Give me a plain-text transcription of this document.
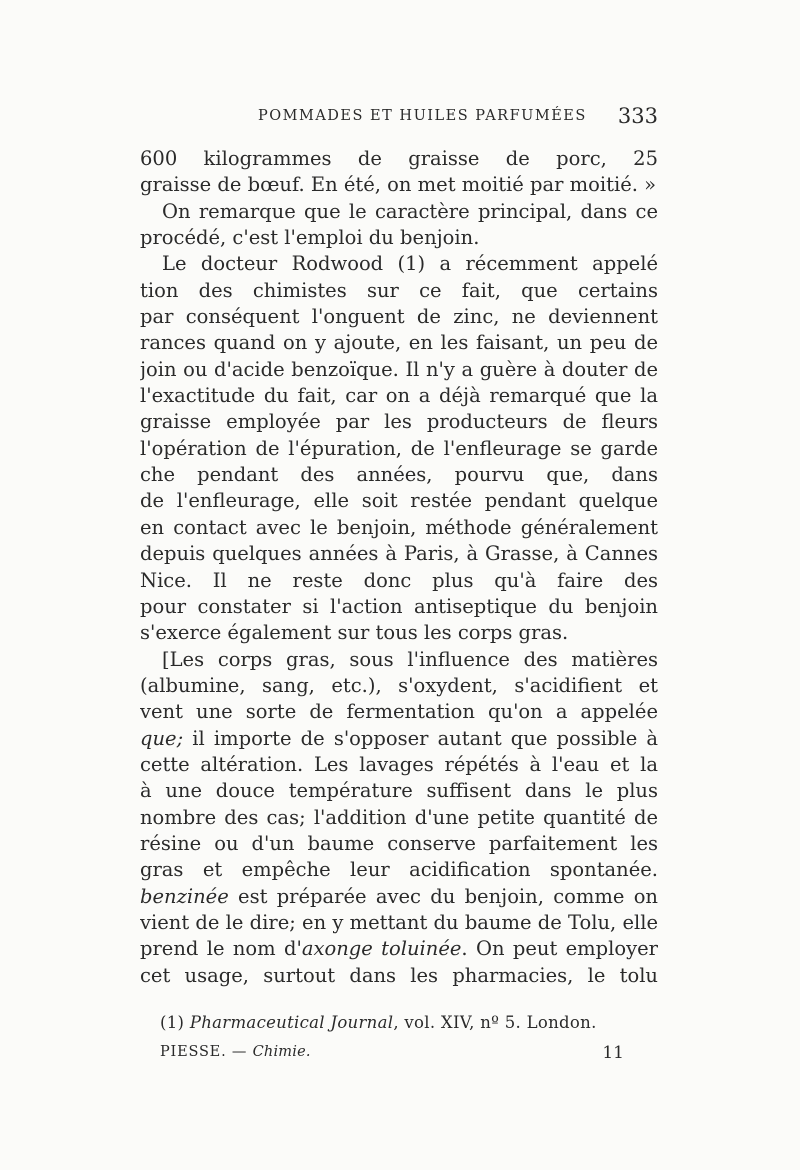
POMMADES ET HUILES PARFUMÉES 333
600 kilogrammes de graisse de porc, 25
graisse de bœuf. En été, on met moitié par moitié. »
On remarque que le caractère principal, dans ce
procédé, c'est l'emploi du benjoin.
Le docteur Rodwood (1) a récemment appelé
tion des chimistes sur ce fait, que certains
par conséquent l'onguent de zinc, ne deviennent
rances quand on y ajoute, en les faisant, un peu de
join ou d'acide benzoïque. Il n'y a guère à douter de
l'exactitude du fait, car on a déjà remarqué que la
graisse employée par les producteurs de fleurs
l'opération de l'épuration, de l'enfleurage se garde
che pendant des années, pourvu que, dans
de l'enfleurage, elle soit restée pendant quelque
en contact avec le benjoin, méthode généralement
depuis quelques années à Paris, à Grasse, à Cannes
Nice. Il ne reste donc plus qu'à faire des
pour constater si l'action antiseptique du benjoin
s'exerce également sur tous les corps gras.
[Les corps gras, sous l'influence des matières
(albumine, sang, etc.), s'oxydent, s'acidifient et
vent une sorte de fermentation qu'on a appelée
que; il importe de s'opposer autant que possible à
cette altération. Les lavages répétés à l'eau et la
à une douce température suffisent dans le plus
nombre des cas; l'addition d'une petite quantité de
résine ou d'un baume conserve parfaitement les
gras et empêche leur acidification spontanée.
benzinée est préparée avec du benjoin, comme on
vient de le dire; en y mettant du baume de Tolu, elle
prend le nom d'axonge toluinée. On peut employer
cet usage, surtout dans les pharmacies, le tolu
(1) Pharmaceutical Journal, vol. XIV, nº 5. London.
PIESSE. — Chimie.	11
